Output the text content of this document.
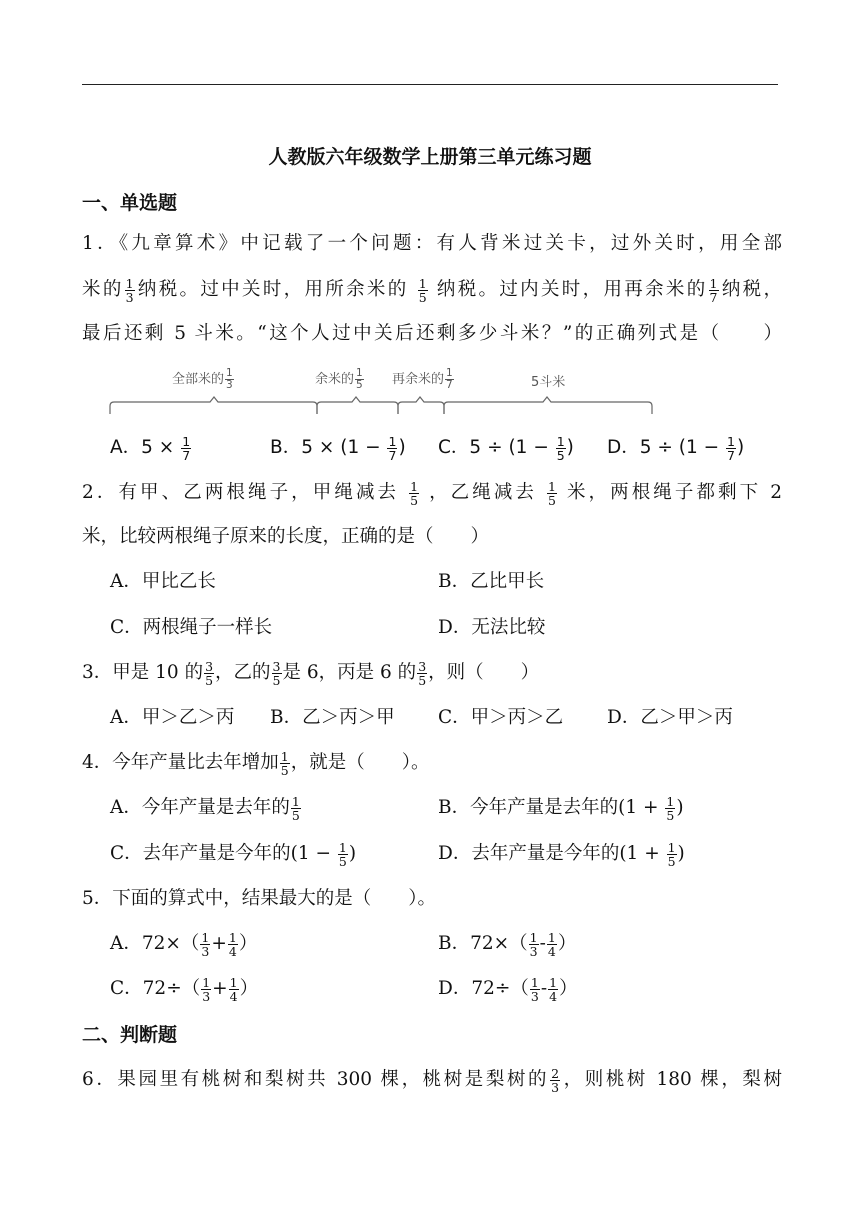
人教版六年级数学上册第三单元练习题
一、单选题
1．《九章算术》中记载了一个问题：有人背米过关卡，过外关时，用全部
米的 $\frac{1}{3}$ 纳税。过中关时，用所余米的 $\frac{1}{5}$ 纳税。过内关时，用再余米的 $\frac{1}{7}$ 纳税，
最后还剩 5 斗米。“这个人过中关后还剩多少斗米？”的正确列式是（　　）
全部米的 $\frac{1}{3}$	余米的 $\frac{1}{5}$ 再余米的 $\frac{1}{7}$	5斗米
A．$5 \times \frac{1}{7}$	B．$5 \times (1 - \frac{1}{7}$ ) C．$5 \div (1 - \frac{1}{5}$ ) D．$5 \div (1 - \frac{1}{7}$ )
2．有甲、乙两根绳子，甲绳减去 $\frac{1}{5}$ ，乙绳减去 $\frac{1}{5}$ 米，两根绳子都剩下 2
米，比较两根绳子原来的长度，正确的是（　　）
A．甲比乙长	B．乙比甲长
C．两根绳子一样长	D．无法比较
3．甲是 10 的 $\frac{3}{5}$ ，乙的 $\frac{3}{5}$ 是 6，丙是 6 的 $\frac{3}{5}$ ，则（　　）
A．甲＞乙＞丙 B．乙＞丙＞甲 C．甲＞丙＞乙 D．乙＞甲＞丙
4．今年产量比去年增加 $\frac{1}{5}$ ，就是（　　）。
A．今年产量是去年的 $\frac{1}{5}$	B．今年产量是去年的($1 + \frac{1}{5}$ )
C．去年产量是今年的($1 - \frac{1}{5}$ )	D．去年产量是今年的($1 + \frac{1}{5}$ )
5．下面的算式中，结果最大的是（　　）。
A．$72\times( \frac{1}{3} + \frac{1}{4}$ ）	B．$72\times( \frac{1}{3} - \frac{1}{4}$ ）
C．$72\div( \frac{1}{3} + \frac{1}{4}$ ）	D．$72\div( \frac{1}{3} - \frac{1}{4}$ ）
二、判断题
6．果园里有桃树和梨树共 300 棵，桃树是梨树的 $\frac{2}{3}$ ，则桃树 180 棵，梨树
